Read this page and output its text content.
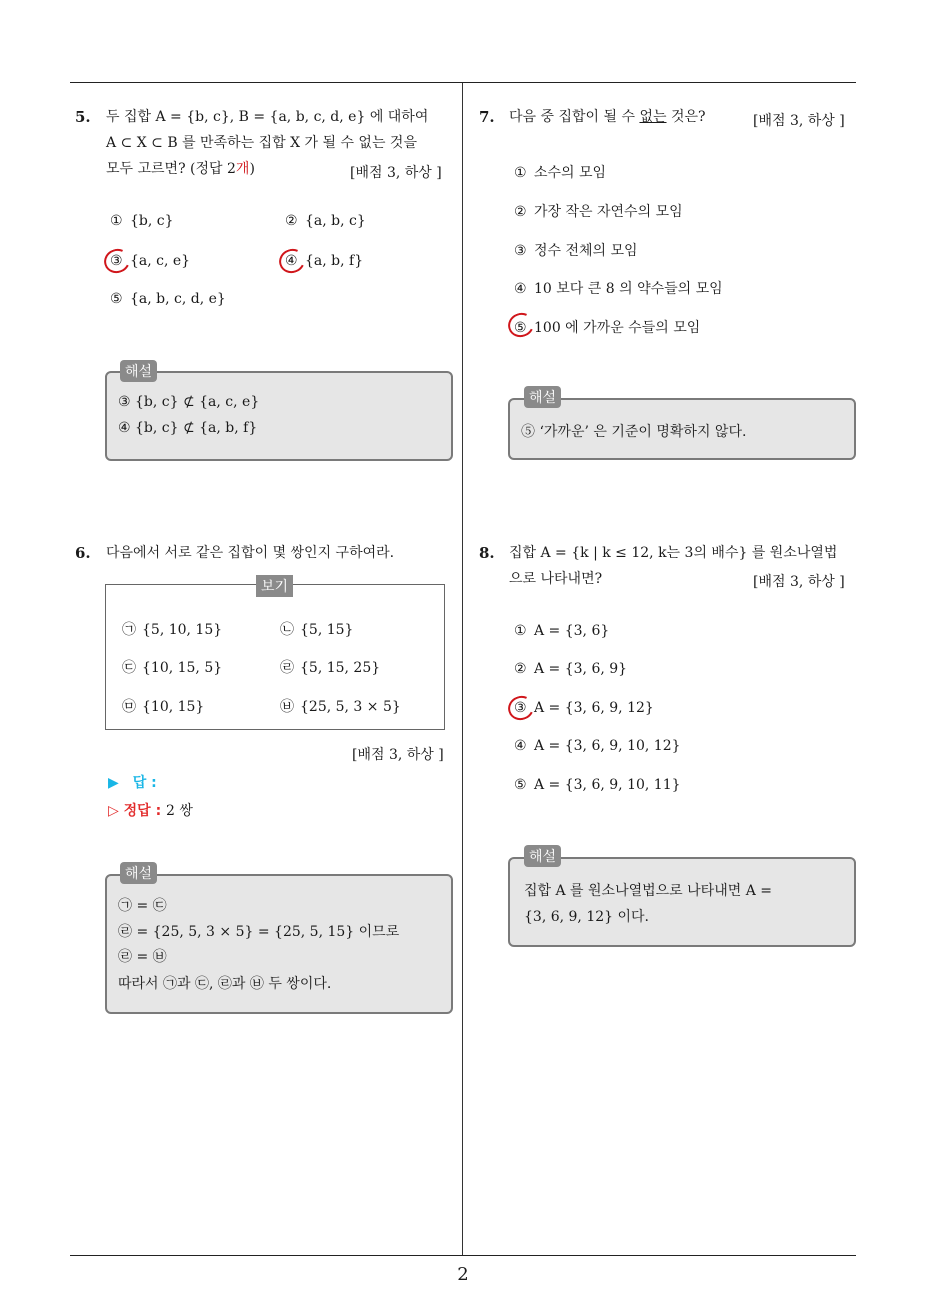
5. 두 집합 A = {b, c}, B = {a, b, c, d, e} 에 대하여
A ⊂ X ⊂ B 를 만족하는 집합 X 가 될 수 없는 것을
모두 고르면? (정답 2개)	[배점 3, 하상 ]
① {b, c}	② {a, b, c}
③ {a, c, e}	④ {a, b, f}
⑤ {a, b, c, d, e}
해설
③ {b, c} ⊄ {a, c, e}
④ {b, c} ⊄ {a, b, f}
6. 다음에서 서로 같은 집합이 몇 쌍인지 구하여라.
보기
㉠ {5, 10, 15}	㉡ {5, 15}
㉢ {10, 15, 5}	㉣ {5, 15, 25}
㉤ {10, 15}	㉥ {25, 5, 3 × 5}
[배점 3, 하상 ]
▶ 답 :
▷ 정답 : 2 쌍
해설
㉠ = ㉢
㉣ = {25, 5, 3 × 5} = {25, 5, 15} 이므로
㉣ = ㉥
따라서 ㉠과 ㉢, ㉣과 ㉥ 두 쌍이다.
7. 다음 중 집합이 될 수 없는 것은?	[배점 3, 하상 ]
① 소수의 모임
② 가장 작은 자연수의 모임
③ 정수 전체의 모임
④ 10 보다 큰 8 의 약수들의 모임
⑤ 100 에 가까운 수들의 모임
해설
⑤ ‘가까운’ 은 기준이 명확하지 않다.
8. 집합 A = {k | k ≤ 12, k는 3의 배수} 를 원소나열법
으로 나타내면?	[배점 3, 하상 ]
① A = {3, 6}
② A = {3, 6, 9}
③ A = {3, 6, 9, 12}
④ A = {3, 6, 9, 10, 12}
⑤ A = {3, 6, 9, 10, 11}
해설
집합 A 를 원소나열법으로 나타내면 A =
{3, 6, 9, 12} 이다.
2
